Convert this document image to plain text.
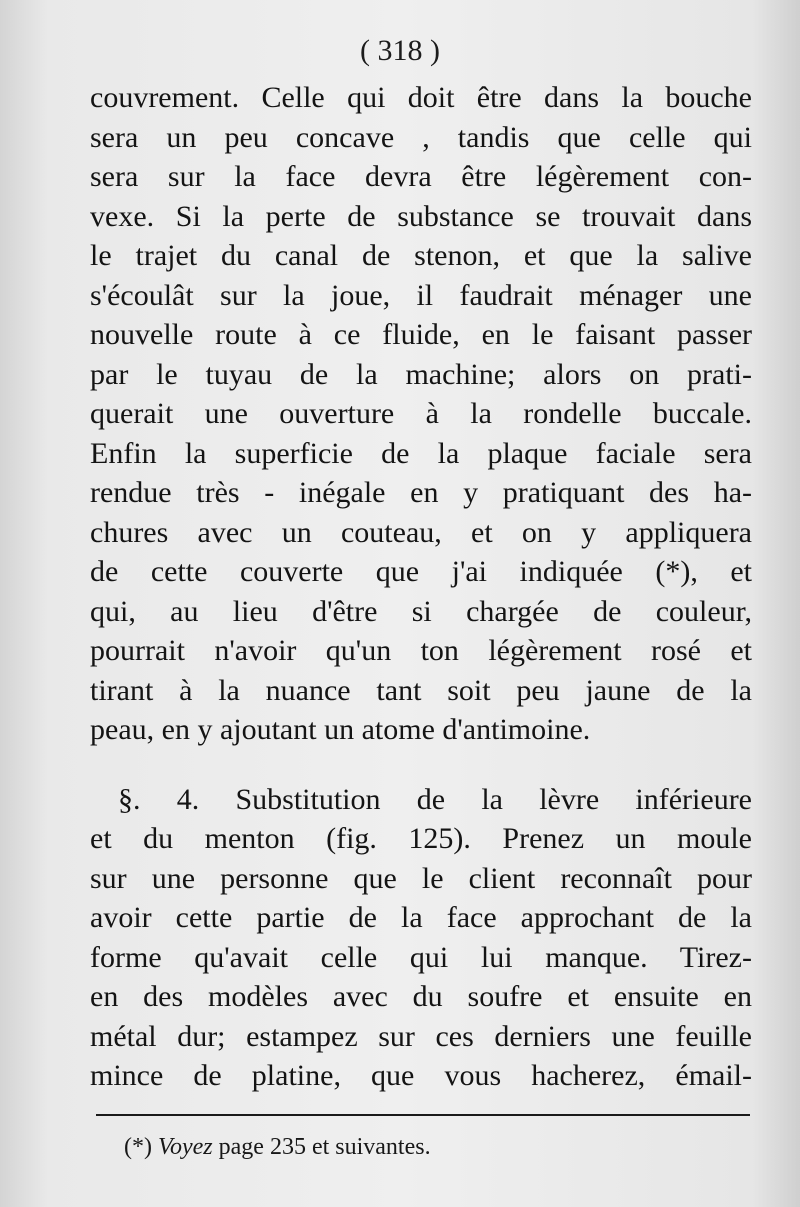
( 318 )
couvrement. Celle qui doit être dans la bouche
sera un peu concave , tandis que celle qui
sera sur la face devra être légèrement con-
vexe. Si la perte de substance se trouvait dans
le trajet du canal de stenon, et que la salive
s'écoulât sur la joue, il faudrait ménager une
nouvelle route à ce fluide, en le faisant passer
par le tuyau de la machine; alors on prati-
querait une ouverture à la rondelle buccale.
Enfin la superficie de la plaque faciale sera
rendue très - inégale en y pratiquant des ha-
chures avec un couteau, et on y appliquera
de cette couverte que j'ai indiquée (*), et
qui, au lieu d'être si chargée de couleur,
pourrait n'avoir qu'un ton légèrement rosé et
tirant à la nuance tant soit peu jaune de la
peau, en y ajoutant un atome d'antimoine.
§. 4. Substitution de la lèvre inférieure
et du menton (fig. 125). Prenez un moule
sur une personne que le client reconnaît pour
avoir cette partie de la face approchant de la
forme qu'avait celle qui lui manque. Tirez-
en des modèles avec du soufre et ensuite en
métal dur; estampez sur ces derniers une feuille
mince de platine, que vous hacherez, émail-
(*) Voyez page 235 et suivantes.
